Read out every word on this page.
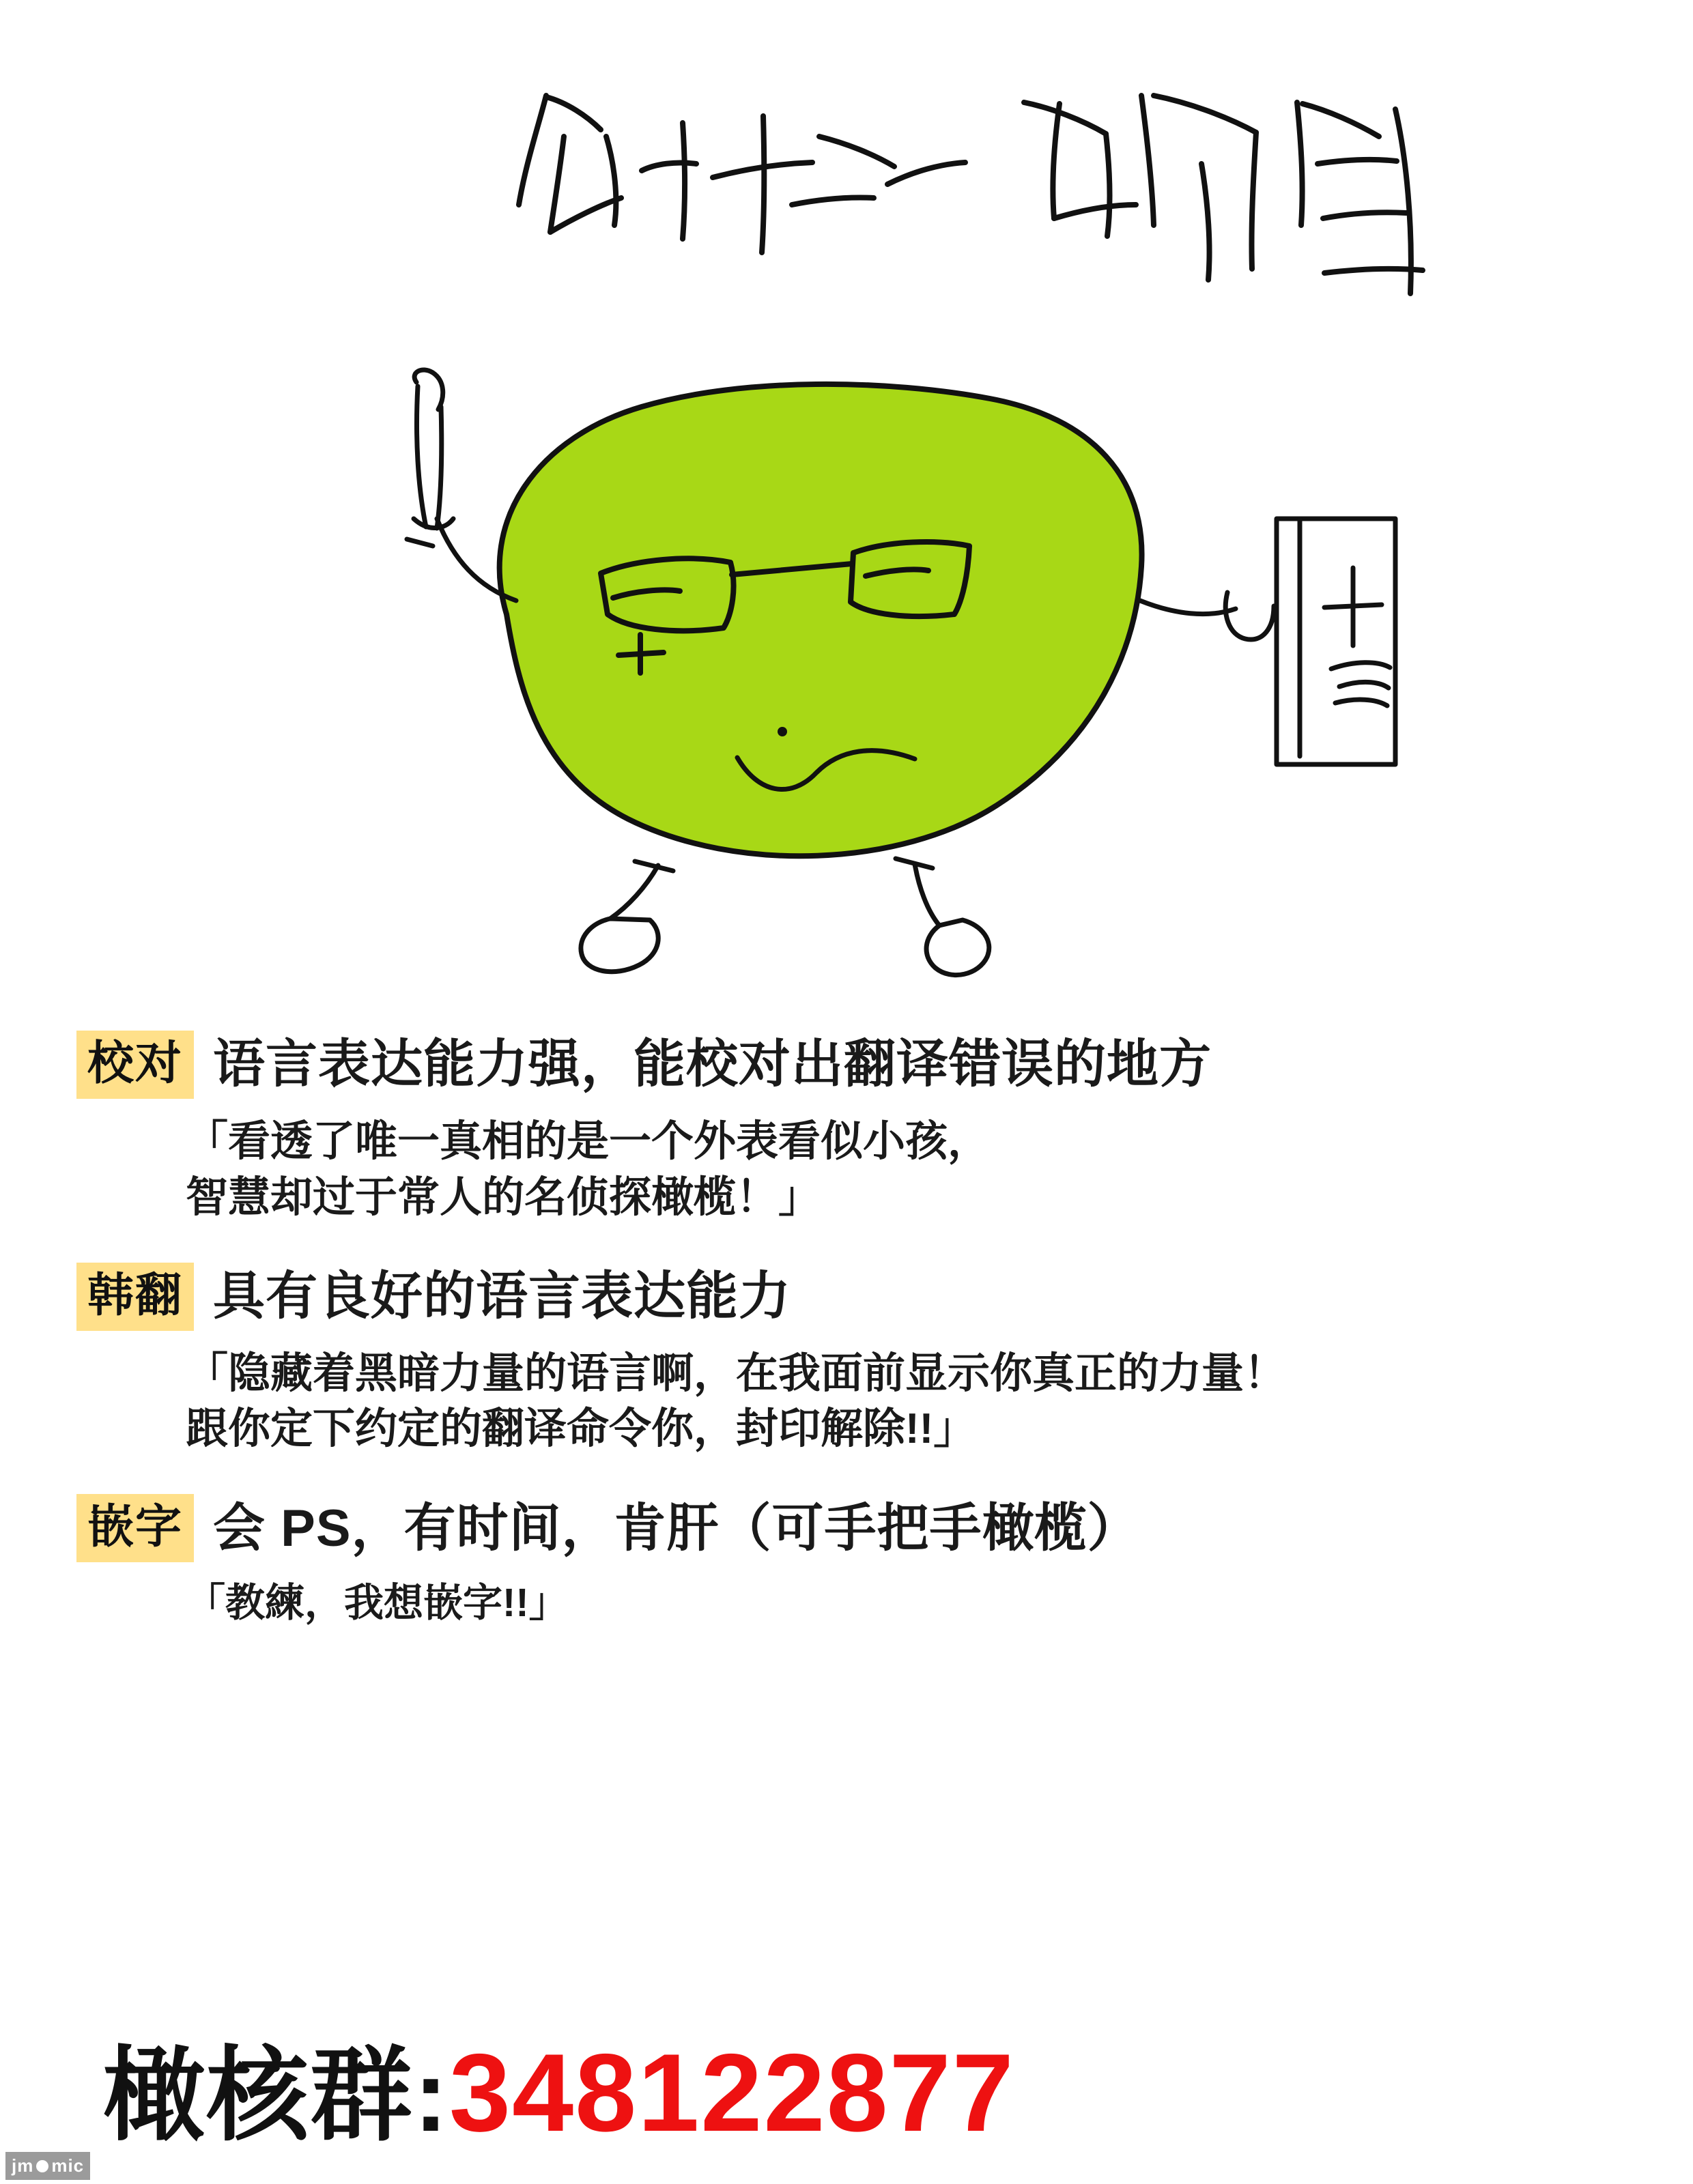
校对 语言表达能力强，能校对出翻译错误的地方
「看透了唯一真相的是一个外表看似小孩，
智慧却过于常人的名侦探橄榄！」
韩翻 具有良好的语言表达能力
「隐藏着黑暗力量的语言啊，在我面前显示你真正的力量！
跟你定下约定的翻译命令你，封印解除!!」
嵌字 会 PS，有时间，肯肝（可手把手橄榄）
「教練，我想嵌字!!」
橄核群: 348122877
jm mic
